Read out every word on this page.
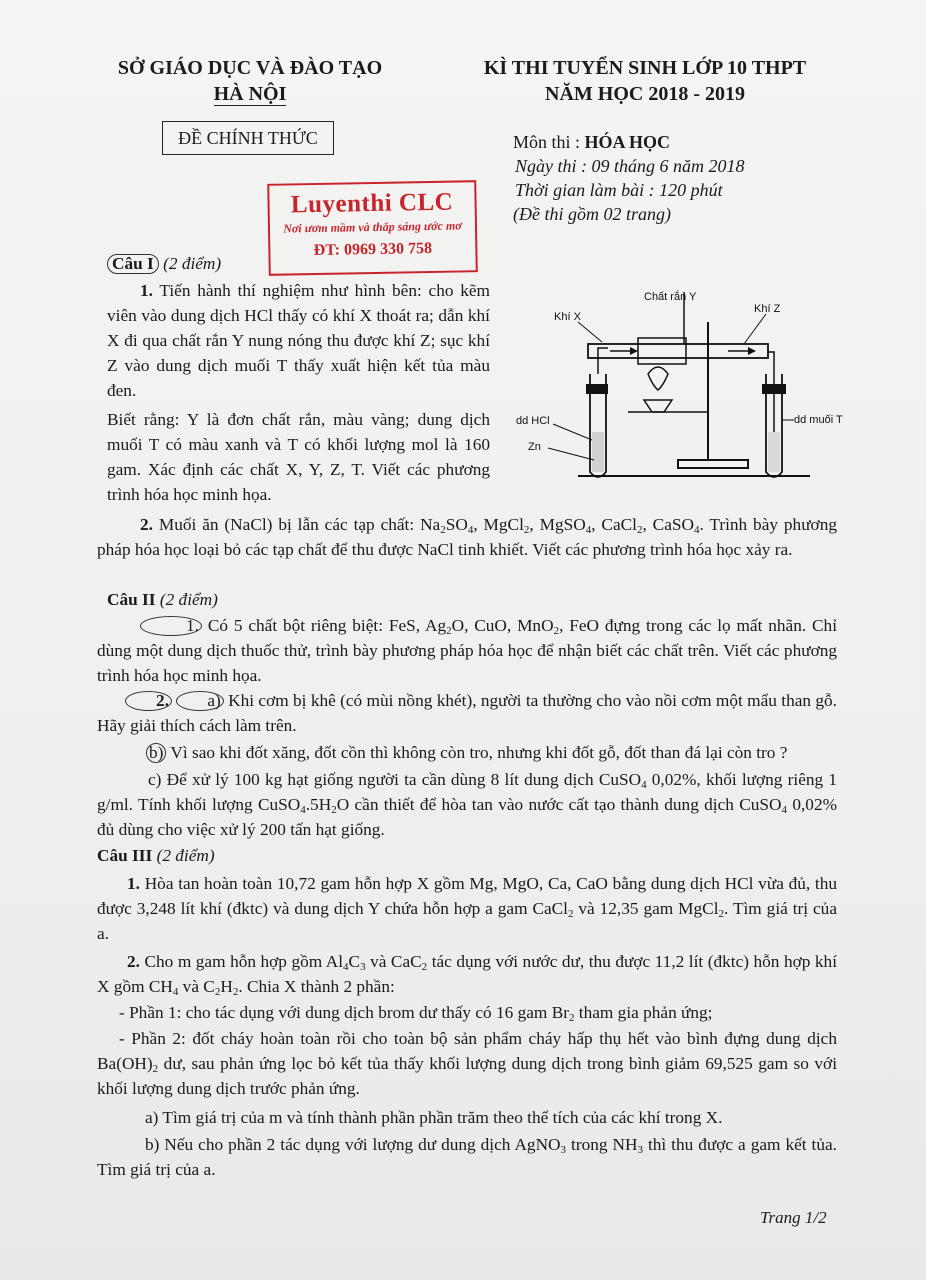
SỞ GIÁO DỤC VÀ ĐÀO TẠO
HÀ NỘI
KÌ THI TUYỂN SINH LỚP 10 THPT
NĂM HỌC 2018 - 2019
ĐỀ CHÍNH THỨC	Môn thi : HÓA HỌC
Ngày thi : 09 tháng 6 năm 2018
Thời gian làm bài : 120 phút
(Đề thi gồm 02 trang)
Luyenthi CLC
Nơi ươm mầm và thắp sáng ước mơ
ĐT: 0969 330 758
Câu I (2 điểm)
1. Tiến hành thí nghiệm như hình bên: cho kẽm viên vào dung dịch HCl thấy có khí X thoát ra; dẫn khí X đi qua chất rắn Y nung nóng thu được khí Z; sục khí Z vào dung dịch muối T thấy xuất hiện kết tủa màu đen.
Biết rằng: Y là đơn chất rắn, màu vàng; dung dịch muối T có màu xanh và T có khối lượng mol là 160 gam. Xác định các chất X, Y, Z, T. Viết các phương trình hóa học minh họa.
Chất rắn Y
Khí X
Khí Z
dd HCl
Zn
dd muối T
2. Muối ăn (NaCl) bị lẫn các tạp chất: $Na_2SO_4$, MgCl$_2$, MgSO$_4$, CaCl$_2$, CaSO$_4$. Trình bày phương pháp hóa học loại bỏ các tạp chất để thu được NaCl tinh khiết. Viết các phương trình hóa học xảy ra.
Câu II (2 điểm)
1. Có 5 chất bột riêng biệt: FeS, $Ag_2O$, CuO, MnO$_2$, FeO đựng trong các lọ mất nhãn. Chỉ dùng một dung dịch thuốc thử, trình bày phương pháp hóa học để nhận biết các chất trên. Viết các phương trình hóa học minh họa.
2. a) Khi cơm bị khê (có mùi nồng khét), người ta thường cho vào nồi cơm một mẩu than gỗ. Hãy giải thích cách làm trên.
b) Vì sao khi đốt xăng, đốt cồn thì không còn tro, nhưng khi đốt gỗ, đốt than đá lại còn tro ?
c) Để xử lý 100 kg hạt giống người ta cần dùng 8 lít dung dịch CuSO$_4$ 0,02%, khối lượng riêng 1 g/ml. Tính khối lượng $CuSO_4.5H_2O$ cần thiết để hòa tan vào nước cất tạo thành dung dịch CuSO$_4$ 0,02% đủ dùng cho việc xử lý 200 tấn hạt giống.
Câu III (2 điểm)
1. Hòa tan hoàn toàn 10,72 gam hỗn hợp X gồm Mg, MgO, Ca, CaO bằng dung dịch HCl vừa đủ, thu được 3,248 lít khí (đktc) và dung dịch Y chứa hỗn hợp a gam CaCl$_2$ và 12,35 gam MgCl$_2$. Tìm giá trị của a.
2. Cho m gam hỗn hợp gồm $Al_4C_3$ và CaC$_2$ tác dụng với nước dư, thu được 11,2 lít (đktc) hỗn hợp khí X gồm $CH_4$ và $C_2H_2$. Chia X thành 2 phần:
- Phần 1: cho tác dụng với dung dịch brom dư thấy có 16 gam $Br_2$ tham gia phản ứng;
- Phần 2: đốt cháy hoàn toàn rồi cho toàn bộ sản phẩm cháy hấp thụ hết vào bình đựng dung dịch $Ba(OH)_2$ dư, sau phản ứng lọc bỏ kết tủa thấy khối lượng dung dịch trong bình giảm 69,525 gam so với khối lượng dung dịch trước phản ứng.
a) Tìm giá trị của m và tính thành phần phần trăm theo thể tích của các khí trong X.
b) Nếu cho phần 2 tác dụng với lượng dư dung dịch AgNO$_3$ trong $NH_3$ thì thu được a gam kết tủa. Tìm giá trị của a.
Trang 1/2
